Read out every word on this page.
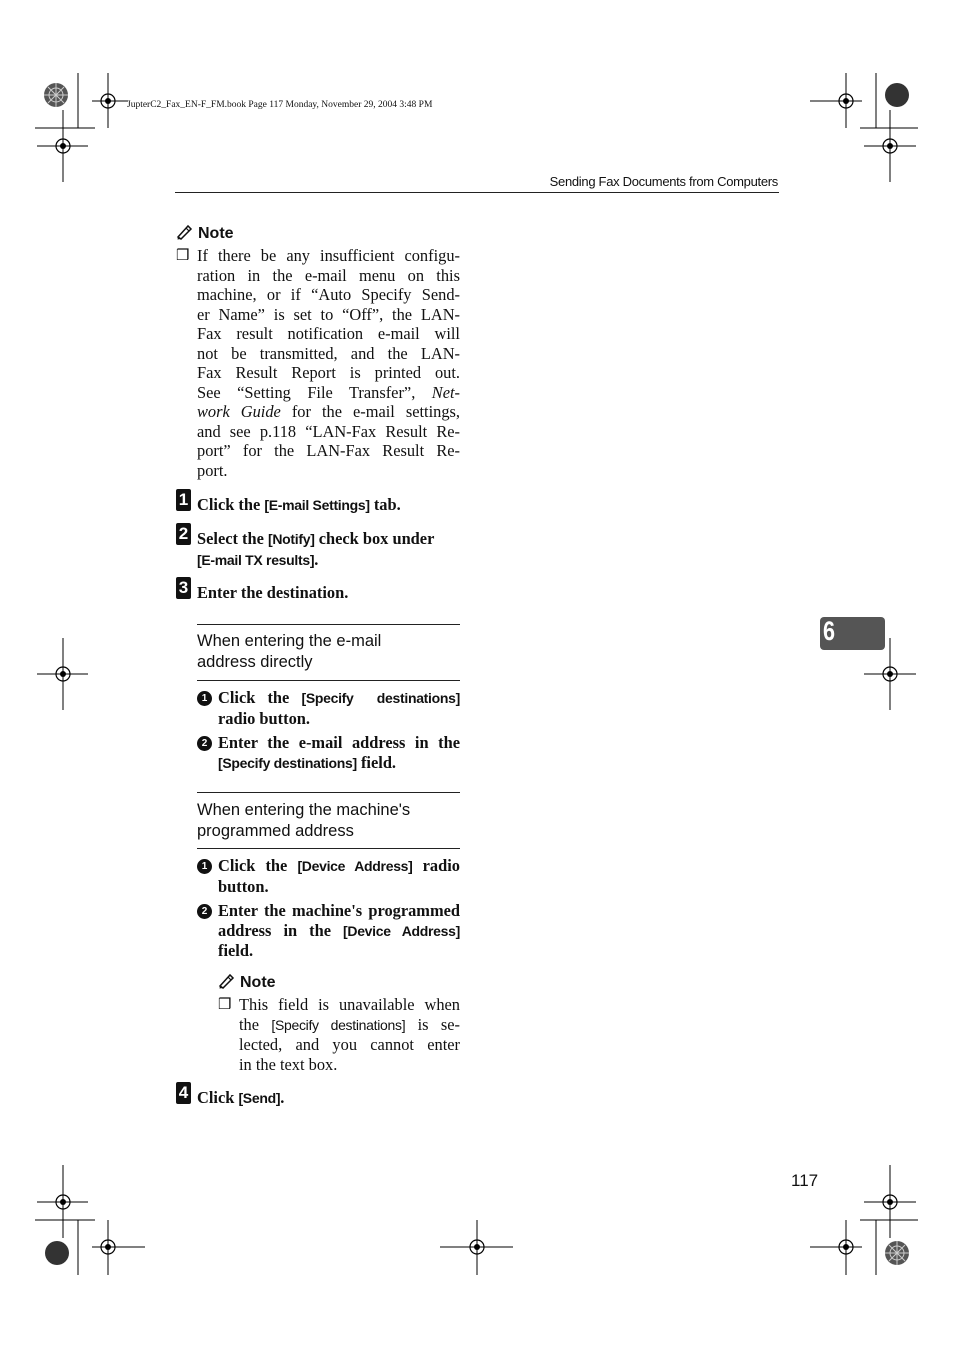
JupterC2_Fax_EN-F_FM.book Page 117 Monday, November 29, 2004 3:48 PM
Sending Fax Documents from Computers
6
Note
❒ If there be any insufficient configu-
ration in the e-mail menu on this
machine, or if “Auto Specify Send-
er Name” is set to “Off”, the LAN-
Fax result notification e-mail will
not be transmitted, and the LAN-
Fax Result Report is printed out.
See “Setting File Transfer”, Net-
work Guide for the e-mail settings,
and see p.118 “LAN-Fax Result Re-
port” for the LAN-Fax Result Re-
port.
1 Click the [E-mail Settings] tab.
2 Select the [Notify] check box under
[E-mail TX results].
3 Enter the destination.
When entering the e-mail
address directly
1 Click the [Specify  destinations]
radio button.
2 Enter the e-mail address in the
[Specify destinations] field.
When entering the machine's
programmed address
1 Click the [Device Address] radio
button.
2 Enter the machine's programmed
address in the [Device Address]
field.
Note
❒ This field is unavailable when
the [Specify destinations] is se-
lected, and you cannot enter
in the text box.
4 Click [Send].
117
